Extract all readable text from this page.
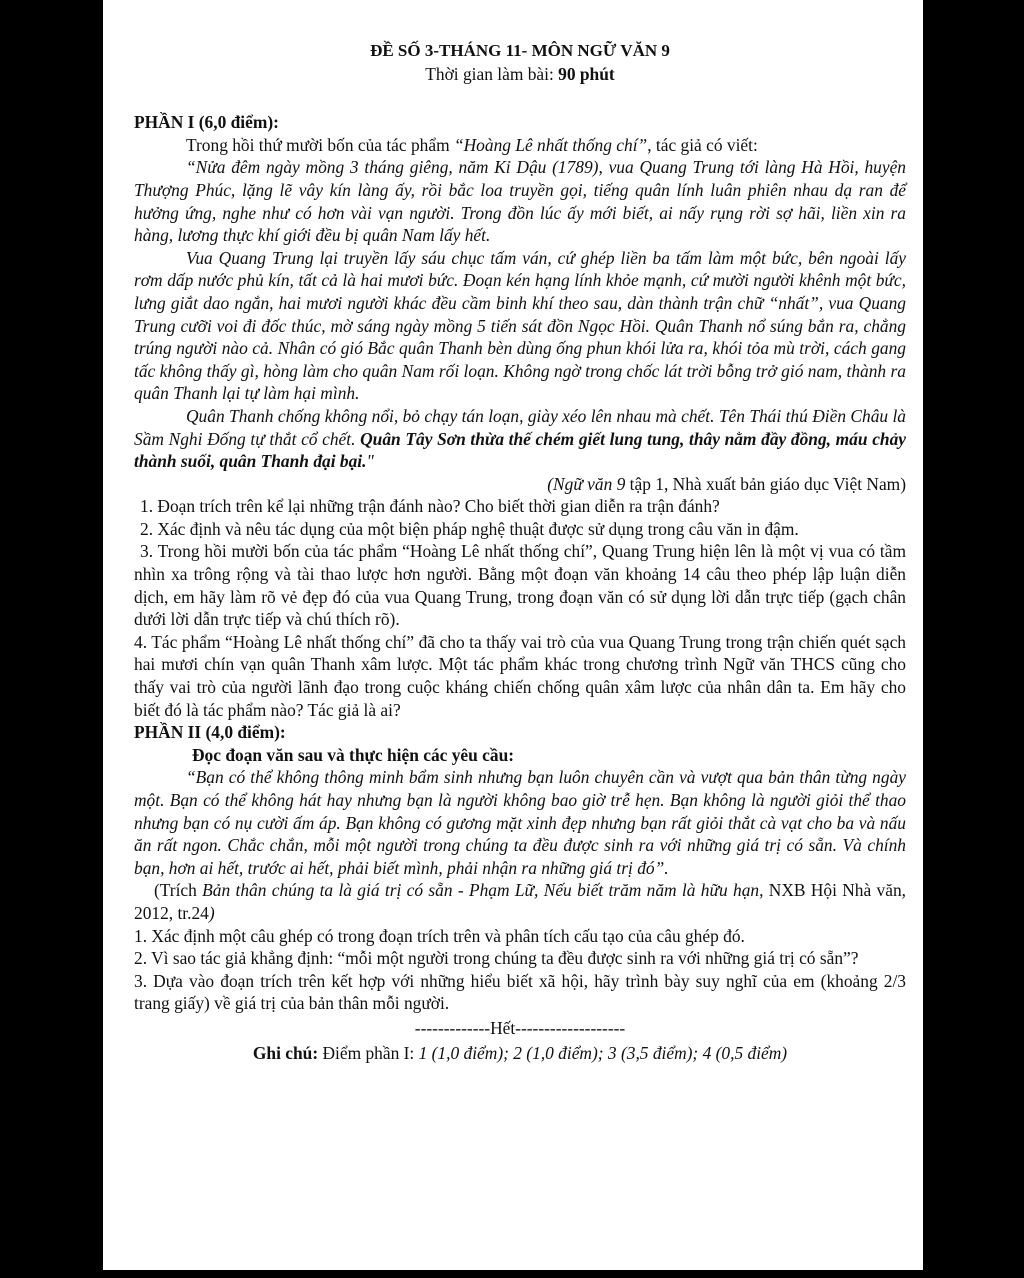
ĐỀ SỐ 3-THÁNG 11- MÔN NGỮ VĂN 9

Thời gian làm bài: 90 phút

PHẦN I (6,0 điểm):

Trong hồi thứ mười bốn của tác phẩm “Hoàng Lê nhất thống chí”, tác giả có viết:

“Nửa đêm ngày mồng 3 tháng giêng, năm Kỉ Dậu (1789), vua Quang Trung tới làng Hà Hồi, huyện Thượng Phúc, lặng lẽ vây kín làng ấy, rồi bắc loa truyền gọi, tiếng quân lính luân phiên nhau dạ ran để hưởng ứng, nghe như có hơn vài vạn người. Trong đồn lúc ấy mới biết, ai nấy rụng rời sợ hãi, liền xin ra hàng, lương thực khí giới đều bị quân Nam lấy hết.

Vua Quang Trung lại truyền lấy sáu chục tấm ván, cứ ghép liền ba tấm làm một bức, bên ngoài lấy rơm dấp nước phủ kín, tất cả là hai mươi bức. Đoạn kén hạng lính khỏe mạnh, cứ mười người khênh một bức, lưng giắt dao ngắn, hai mươi người khác đều cầm binh khí theo sau, dàn thành trận chữ “nhất”, vua Quang Trung cưỡi voi đi đốc thúc, mờ sáng ngày mồng 5 tiến sát đồn Ngọc Hồi. Quân Thanh nổ súng bắn ra, chẳng trúng người nào cả. Nhân có gió Bắc quân Thanh bèn dùng ống phun khói lửa ra, khói tỏa mù trời, cách gang tấc không thấy gì, hòng làm cho quân Nam rối loạn. Không ngờ trong chốc lát trời bỗng trở gió nam, thành ra quân Thanh lại tự làm hại mình.

Quân Thanh chống không nổi, bỏ chạy tán loạn, giày xéo lên nhau mà chết. Tên Thái thú Điền Châu là Sầm Nghi Đống tự thắt cổ chết. Quân Tây Sơn thừa thế chém giết lung tung, thây nằm đầy đồng, máu chảy thành suối, quân Thanh đại bại."

(Ngữ văn 9 tập 1, Nhà xuất bản giáo dục Việt Nam)

1. Đoạn trích trên kể lại những trận đánh nào? Cho biết thời gian diễn ra trận đánh?

2. Xác định và nêu tác dụng của một biện pháp nghệ thuật được sử dụng trong câu văn in đậm.

3. Trong hồi mười bốn của tác phẩm “Hoàng Lê nhất thống chí”, Quang Trung hiện lên là một vị vua có tầm nhìn xa trông rộng và tài thao lược hơn người. Bằng một đoạn văn khoảng 14 câu theo phép lập luận diễn dịch, em hãy làm rõ vẻ đẹp đó của vua Quang Trung, trong đoạn văn có sử dụng lời dẫn trực tiếp (gạch chân dưới lời dẫn trực tiếp và chú thích rõ).

4. Tác phẩm “Hoàng Lê nhất thống chí” đã cho ta thấy vai trò của vua Quang Trung trong trận chiến quét sạch hai mươi chín vạn quân Thanh xâm lược. Một tác phẩm khác trong chương trình Ngữ văn THCS cũng cho thấy vai trò của người lãnh đạo trong cuộc kháng chiến chống quân xâm lược của nhân dân ta. Em hãy cho biết đó là tác phẩm nào? Tác giả là ai?

PHẦN II (4,0 điểm):

Đọc đoạn văn sau và thực hiện các yêu cầu:

“Bạn có thể không thông minh bẩm sinh nhưng bạn luôn chuyên cần và vượt qua bản thân từng ngày một. Bạn có thể không hát hay nhưng bạn là người không bao giờ trễ hẹn. Bạn không là người giỏi thể thao nhưng bạn có nụ cười ấm áp. Bạn không có gương mặt xinh đẹp nhưng bạn rất giỏi thắt cà vạt cho ba và nấu ăn rất ngon. Chắc chắn, mỗi một người trong chúng ta đều được sinh ra với những giá trị có sẵn. Và chính bạn, hơn ai hết, trước ai hết, phải biết mình, phải nhận ra những giá trị đó”.

(Trích Bản thân chúng ta là giá trị có sẵn - Phạm Lữ, Nếu biết trăm năm là hữu hạn, NXB Hội Nhà văn, 2012, tr.24)

1. Xác định một câu ghép có trong đoạn trích trên và phân tích cấu tạo của câu ghép đó.

2. Vì sao tác giả khẳng định: “mỗi một người trong chúng ta đều được sinh ra với những giá trị có sẵn”?

3. Dựa vào đoạn trích trên kết hợp với những hiểu biết xã hội, hãy trình bày suy nghĩ của em (khoảng 2/3 trang giấy) về giá trị của bản thân mỗi người.

-------------Hết-------------------

Ghi chú: Điểm phần I: 1 (1,0 điểm); 2 (1,0 điểm); 3 (3,5 điểm); 4 (0,5 điểm)
